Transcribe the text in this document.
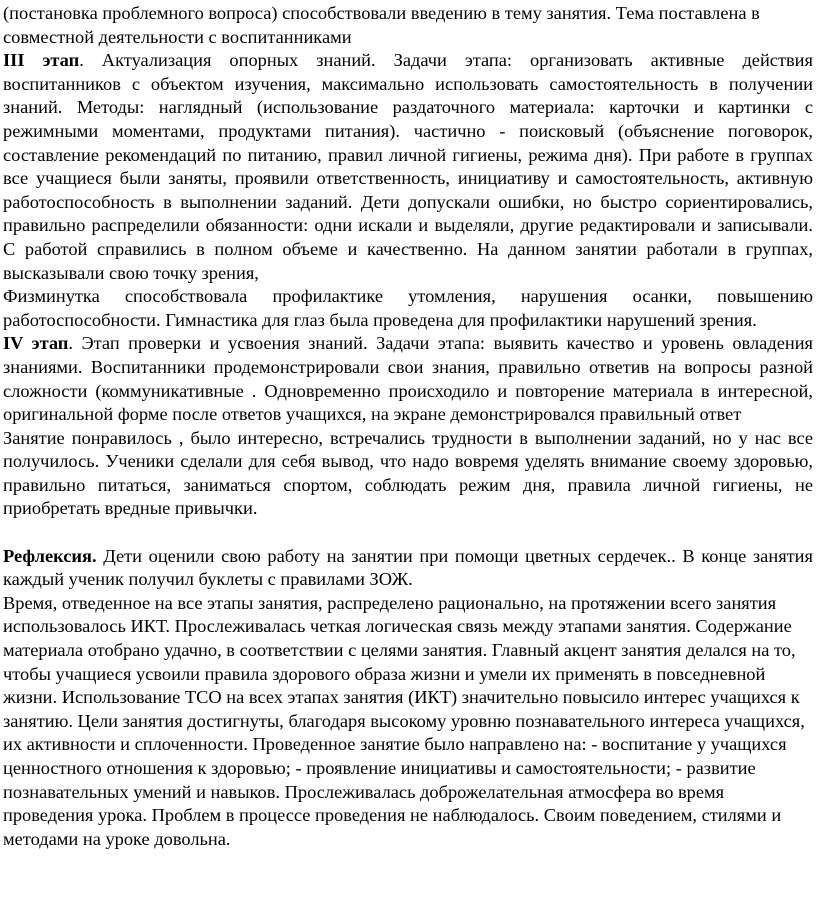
(постановка проблемного вопроса) способствовали введению в тему занятия. Тема поставлена в совместной деятельности с воспитанниками

III этап. Актуализация опорных знаний. Задачи этапа: организовать активные действия воспитанников с объектом изучения, максимально использовать самостоятельность в получении знаний. Методы: наглядный (использование раздаточного материала: карточки и картинки с режимными моментами, продуктами питания). частично - поисковый (объяснение поговорок, составление рекомендаций по питанию, правил личной гигиены, режима дня). При работе в группах все учащиеся были заняты, проявили ответственность, инициативу и самостоятельность, активную работоспособность в выполнении заданий. Дети допускали ошибки, но быстро сориентировались, правильно распределили обязанности: одни искали и выделяли, другие редактировали и записывали. С работой справились в полном объеме и качественно. На данном занятии работали в группах, высказывали свою точку зрения,

Физминутка способствовала профилактике утомления, нарушения осанки, повышению работоспособности. Гимнастика для глаз была проведена для профилактики нарушений зрения.

IV этап. Этап проверки и усвоения знаний. Задачи этапа: выявить качество и уровень овладения знаниями. Воспитанники продемонстрировали свои знания, правильно ответив на вопросы разной сложности (коммуникативные . Одновременно происходило и повторение материала в интересной, оригинальной форме после ответов учащихся, на экране демонстрировался правильный ответ

Занятие понравилось , было интересно, встречались трудности в выполнении заданий, но у нас все получилось. Ученики сделали для себя вывод, что надо вовремя уделять внимание своему здоровью, правильно питаться, заниматься спортом, соблюдать режим дня, правила личной гигиены, не приобретать вредные привычки.

Рефлексия. Дети оценили свою работу на занятии при помощи цветных сердечек.. В конце занятия каждый ученик получил буклеты с правилами ЗОЖ.

Время, отведенное на все этапы занятия, распределено рационально, на протяжении всего занятия использовалось ИКТ. Прослеживалась четкая логическая связь между этапами занятия. Содержание материала отобрано удачно, в соответствии с целями занятия. Главный акцент занятия делался на то, чтобы учащиеся усвоили правила здорового образа жизни и умели их применять в повседневной жизни. Использование ТСО на всех этапах занятия (ИКТ) значительно повысило интерес учащихся к занятию. Цели занятия достигнуты, благодаря высокому уровню познавательного интереса учащихся, их активности и сплоченности. Проведенное занятие было направлено на: - воспитание у учащихся ценностного отношения к здоровью; - проявление инициативы и самостоятельности; - развитие познавательных умений и навыков. Прослеживалась доброжелательная атмосфера во время проведения урока. Проблем в процессе проведения не наблюдалось. Своим поведением, стилями и методами на уроке довольна.
